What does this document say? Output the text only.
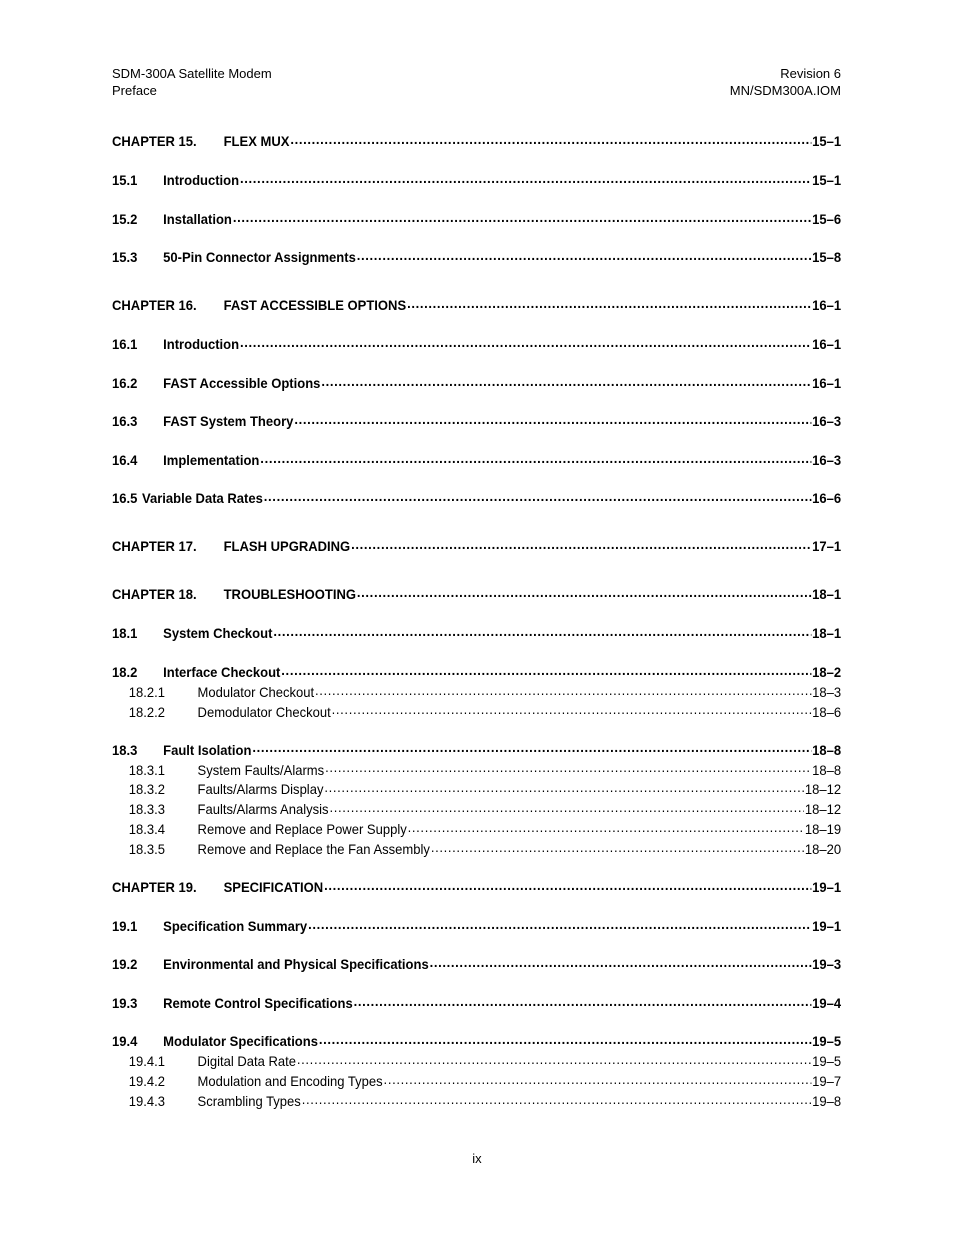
SDM-300A Satellite Modem
Preface
Revision 6
MN/SDM300A.IOM
CHAPTER 15.	FLEX MUX . . .	15–1
15.1	Introduction . . .	15–1
15.2	Installation . . .	15–6
15.3	50-Pin Connector Assignments . . .	15–8
CHAPTER 16.	FAST ACCESSIBLE OPTIONS . . .	16–1
16.1	Introduction . . .	16–1
16.2	FAST Accessible Options . . .	16–1
16.3	FAST System Theory . . .	16–3
16.4	Implementation . . .	16–3
16.5 Variable Data Rates . . .	16–6
CHAPTER 17.	FLASH UPGRADING . . .	17–1
CHAPTER 18.	TROUBLESHOOTING . . .	18–1
18.1	System Checkout . . .	18–1
18.2	Interface Checkout . . .	18–2
18.2.1	Modulator Checkout . . .	18–3
18.2.2	Demodulator Checkout . . .	18–6
18.3	Fault Isolation . . .	18–8
18.3.1	System Faults/Alarms . . .	18–8
18.3.2	Faults/Alarms Display . . .	18–12
18.3.3	Faults/Alarms Analysis . . .	18–12
18.3.4	Remove and Replace Power Supply . . .	18–19
18.3.5	Remove and Replace the Fan Assembly . . .	18–20
CHAPTER 19.	SPECIFICATION . . .	19–1
19.1	Specification Summary . . .	19–1
19.2	Environmental and Physical Specifications . . .	19–3
19.3	Remote Control Specifications . . .	19–4
19.4	Modulator Specifications . . .	19–5
19.4.1	Digital Data Rate . . .	19–5
19.4.2	Modulation and Encoding Types . . .	19–7
19.4.3	Scrambling Types . . .	19–8
ix
